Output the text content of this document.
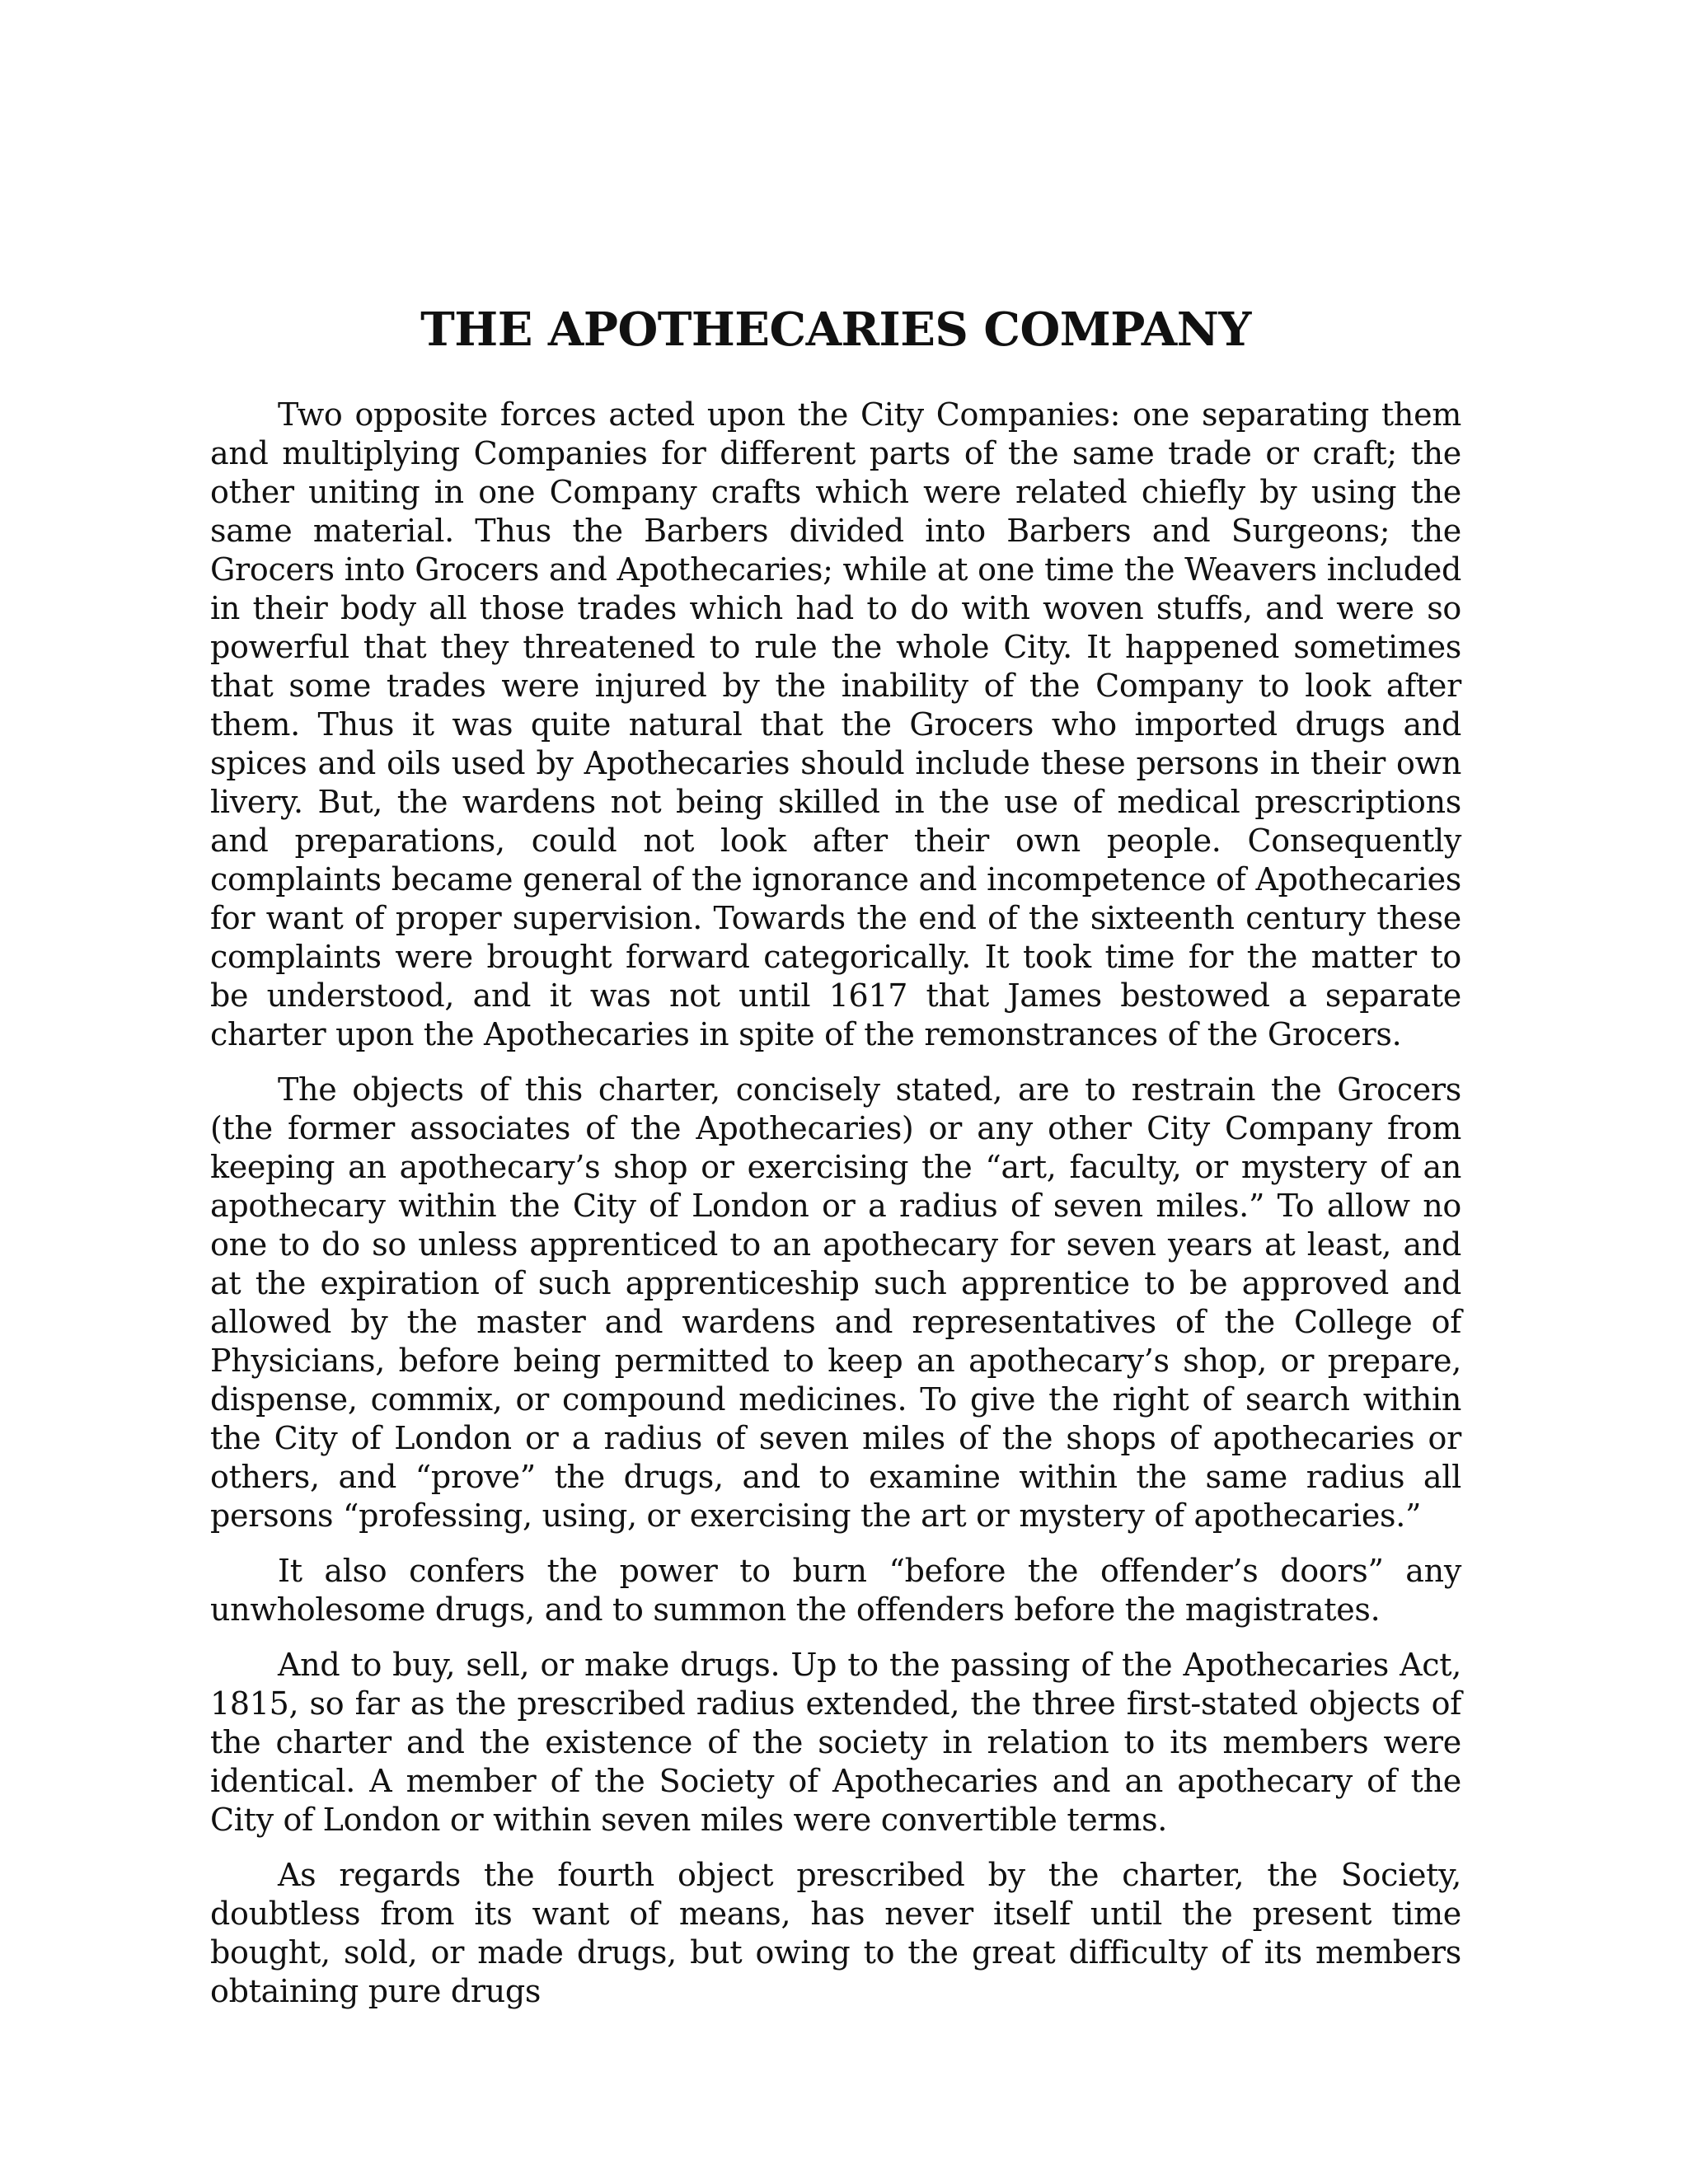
THE APOTHECARIES COMPANY

Two opposite forces acted upon the City Companies: one separating them and multiplying Companies for different parts of the same trade or craft; the other uniting in one Company crafts which were related chiefly by using the same material. Thus the Barbers divided into Barbers and Surgeons; the Grocers into Grocers and Apothecaries; while at one time the Weavers included in their body all those trades which had to do with woven stuffs, and were so powerful that they threatened to rule the whole City. It happened sometimes that some trades were injured by the inability of the Company to look after them. Thus it was quite natural that the Grocers who imported drugs and spices and oils used by Apothecaries should include these persons in their own livery. But, the wardens not being skilled in the use of medical prescriptions and preparations, could not look after their own people. Consequently complaints became general of the ignorance and incompetence of Apothecaries for want of proper supervision. Towards the end of the sixteenth century these complaints were brought forward categorically. It took time for the matter to be understood, and it was not until 1617 that James bestowed a separate charter upon the Apothecaries in spite of the remonstrances of the Grocers.

The objects of this charter, concisely stated, are to restrain the Grocers (the former associates of the Apothecaries) or any other City Company from keeping an apothecary’s shop or exercising the “art, faculty, or mystery of an apothecary within the City of London or a radius of seven miles.” To allow no one to do so unless apprenticed to an apothecary for seven years at least, and at the expiration of such apprenticeship such apprentice to be approved and allowed by the master and wardens and representatives of the College of Physicians, before being permitted to keep an apothecary’s shop, or prepare, dispense, commix, or compound medicines. To give the right of search within the City of London or a radius of seven miles of the shops of apothecaries or others, and “prove” the drugs, and to examine within the same radius all persons “professing, using, or exercising the art or mystery of apothecaries.”

It also confers the power to burn “before the offender’s doors” any unwholesome drugs, and to summon the offenders before the magistrates.

And to buy, sell, or make drugs. Up to the passing of the Apothecaries Act, 1815, so far as the prescribed radius extended, the three first-stated objects of the charter and the existence of the society in relation to its members were identical. A member of the Society of Apothecaries and an apothecary of the City of London or within seven miles were convertible terms.

As regards the fourth object prescribed by the charter, the Society, doubtless from its want of means, has never itself until the present time bought, sold, or made drugs, but owing to the great difficulty of its members obtaining pure drugs
